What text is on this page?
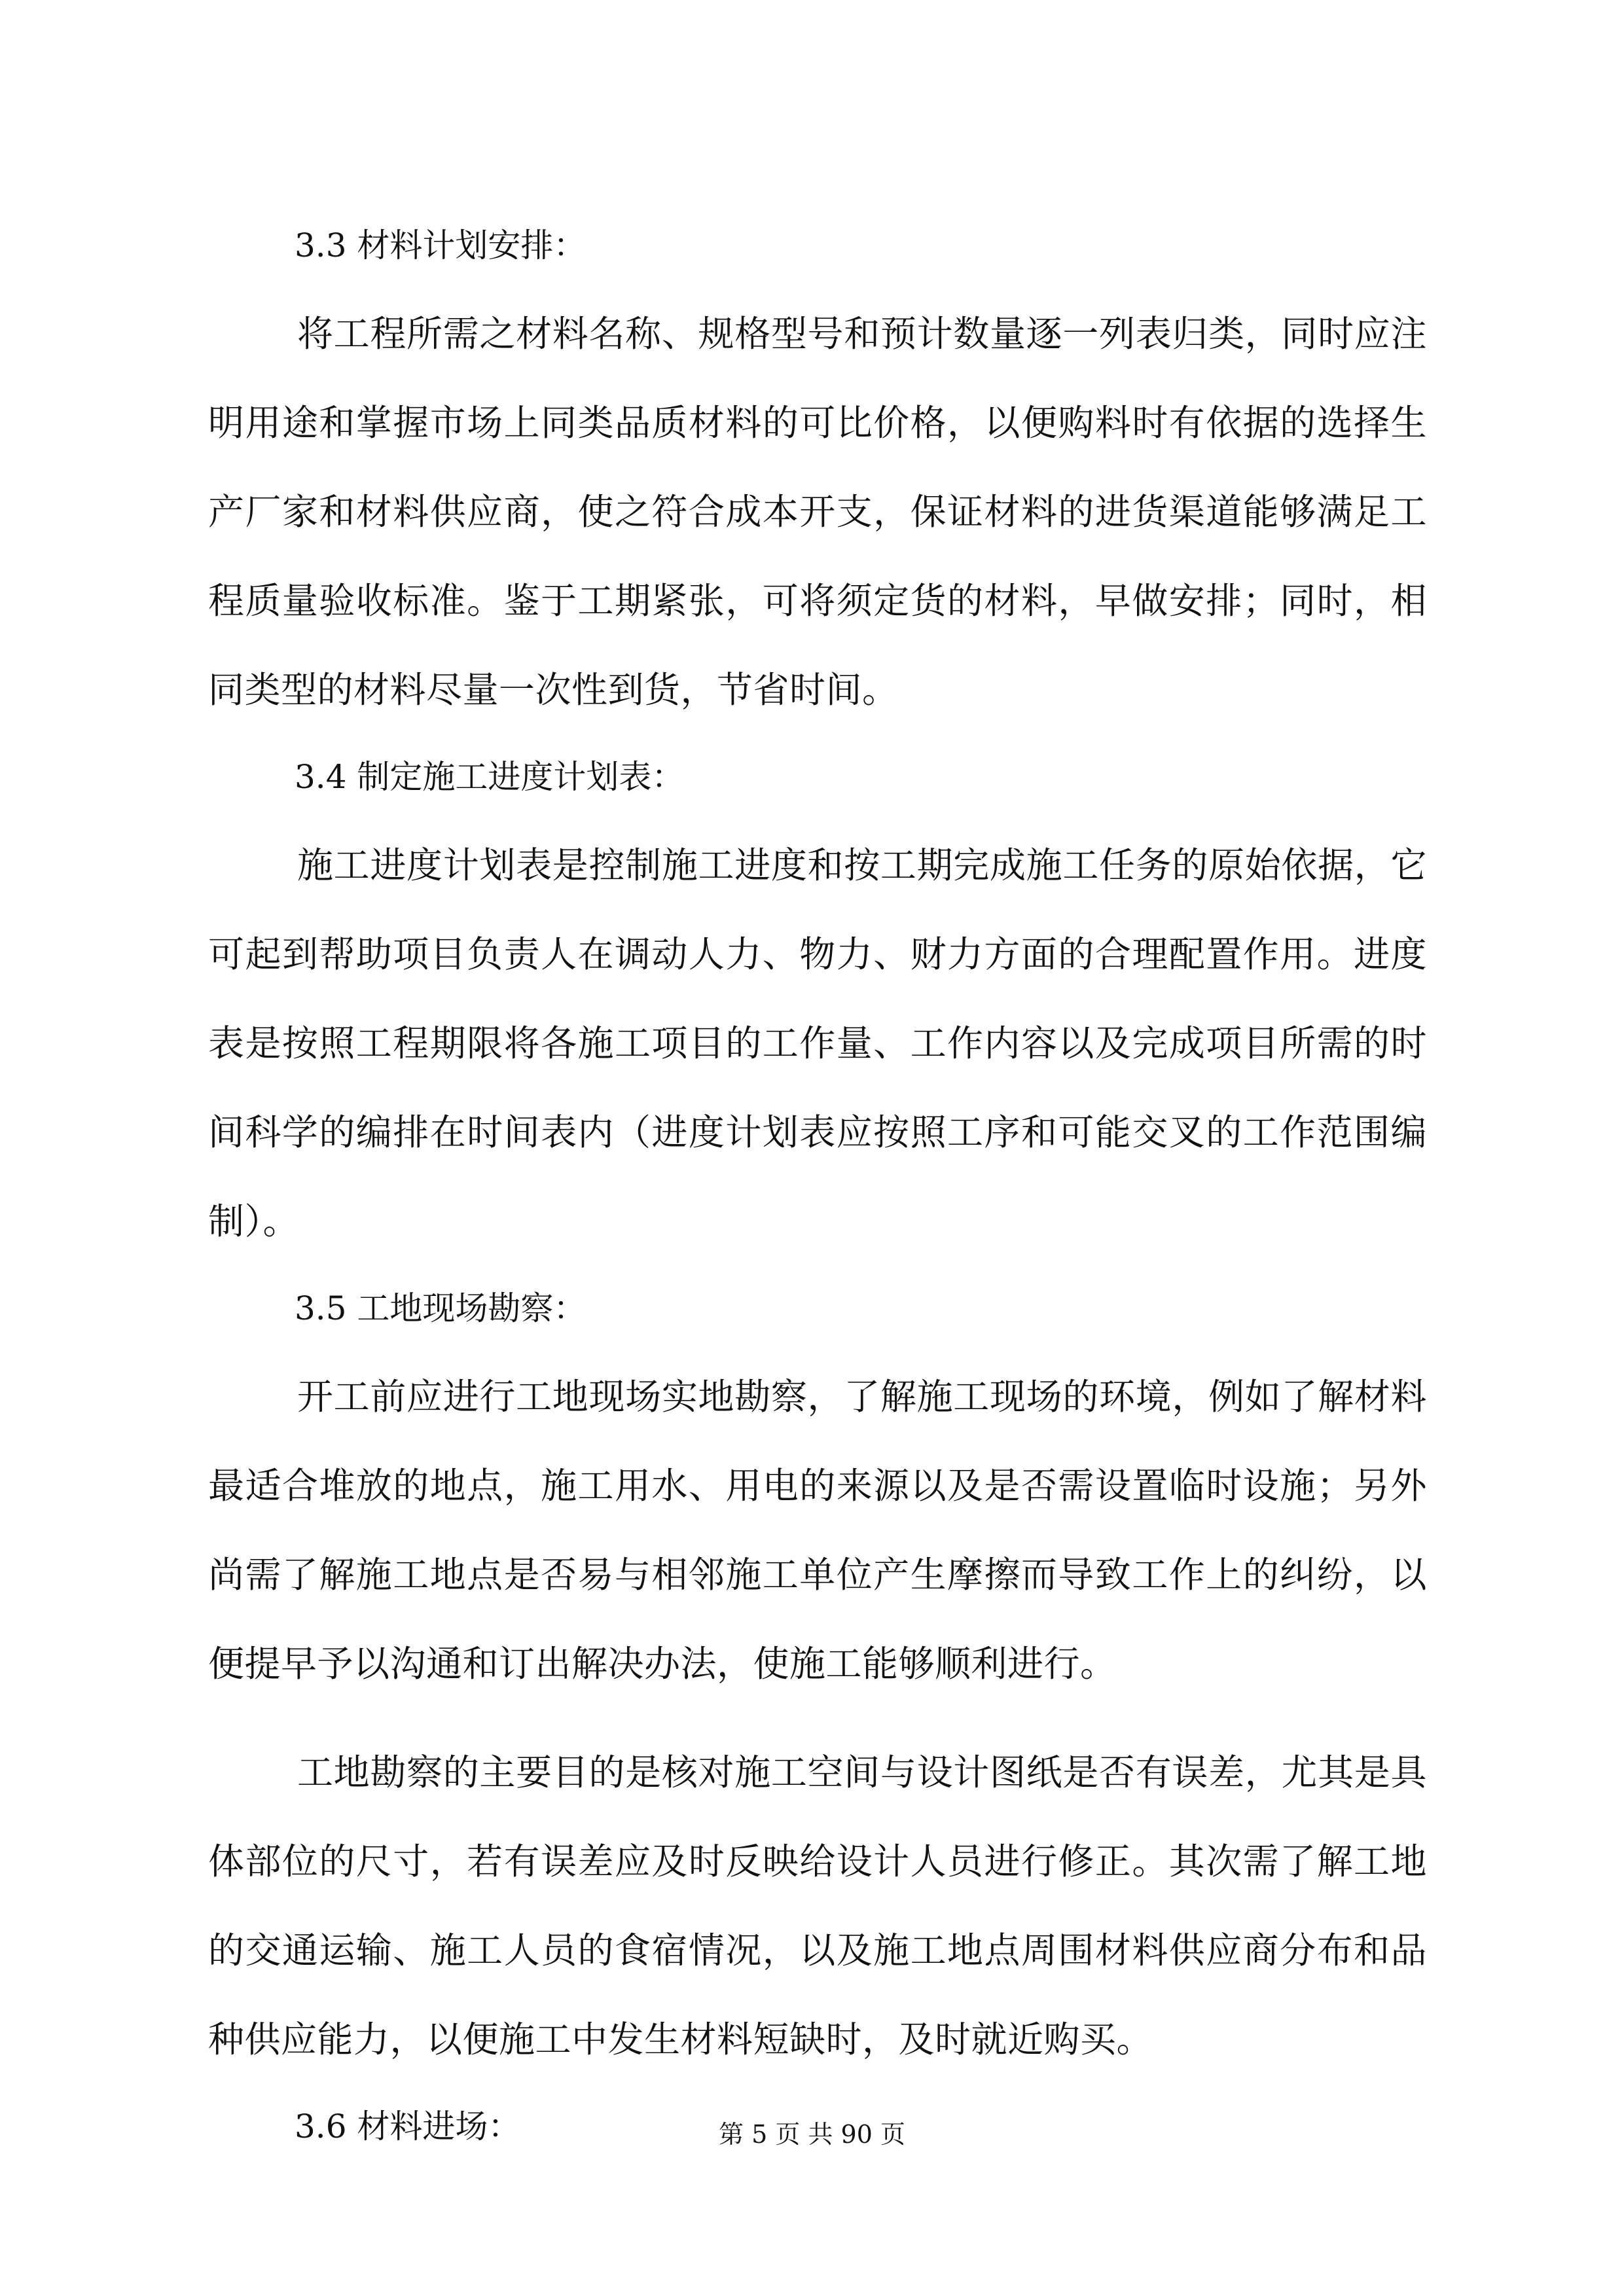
3.3 材料计划安排：

将工程所需之材料名称、规格型号和预计数量逐一列表归类，同时应注明用途和掌握市场上同类品质材料的可比价格，以便购料时有依据的选择生产厂家和材料供应商，使之符合成本开支，保证材料的进货渠道能够满足工程质量验收标准。鉴于工期紧张，可将须定货的材料，早做安排；同时，相同类型的材料尽量一次性到货，节省时间。

3.4 制定施工进度计划表：

施工进度计划表是控制施工进度和按工期完成施工任务的原始依据，它可起到帮助项目负责人在调动人力、物力、财力方面的合理配置作用。进度表是按照工程期限将各施工项目的工作量、工作内容以及完成项目所需的时间科学的编排在时间表内（进度计划表应按照工序和可能交叉的工作范围编制）。

3.5 工地现场勘察：

开工前应进行工地现场实地勘察，了解施工现场的环境，例如了解材料最适合堆放的地点，施工用水、用电的来源以及是否需设置临时设施；另外尚需了解施工地点是否易与相邻施工单位产生摩擦而导致工作上的纠纷，以便提早予以沟通和订出解决办法，使施工能够顺利进行。

工地勘察的主要目的是核对施工空间与设计图纸是否有误差，尤其是具体部位的尺寸，若有误差应及时反映给设计人员进行修正。其次需了解工地的交通运输、施工人员的食宿情况，以及施工地点周围材料供应商分布和品种供应能力，以便施工中发生材料短缺时，及时就近购买。

3.6 材料进场：	第 5 页 共 90 页
